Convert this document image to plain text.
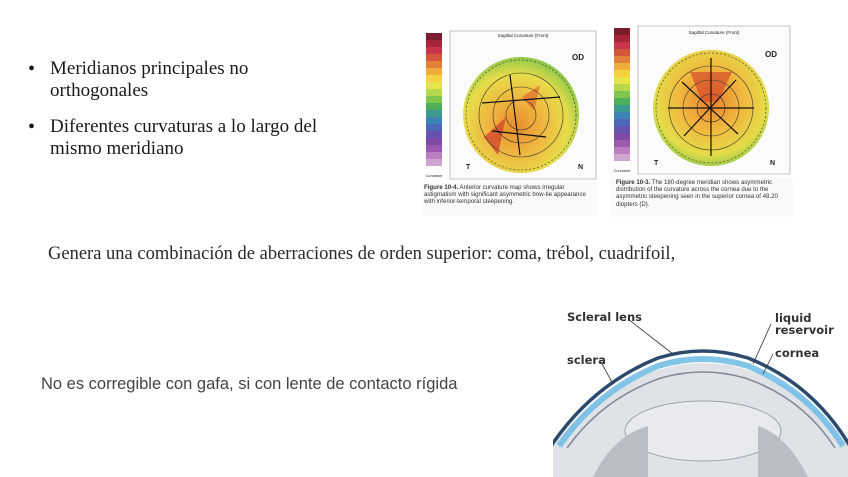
• Meridianos principales no
orthogonales
• Diferentes curvaturas a lo largo del
mismo meridiano
Sagittal Curvature (Front)
OD
T	N
Curvature
Figure 10-4. Anterior curvature map shows irregular astigmatism with significant asymmetric bow-tie appearance with inferior-temporal steepening.
Sagittal Curvature (Front)
OD
T	N
Curvature
Figure 10-3. The 180-degree meridian shows asymmetric distribution of the curvature across the cornea due to the asymmetric steepening seen in the superior cornea of 48.20 diopters (D).
Genera una combinación de aberraciones de orden superior: coma, trébol, cuadrifoil,
No es corregible con gafa, si con lente de contacto rígida
Scleral lens	liquid
reservoir
cornea
sclera
